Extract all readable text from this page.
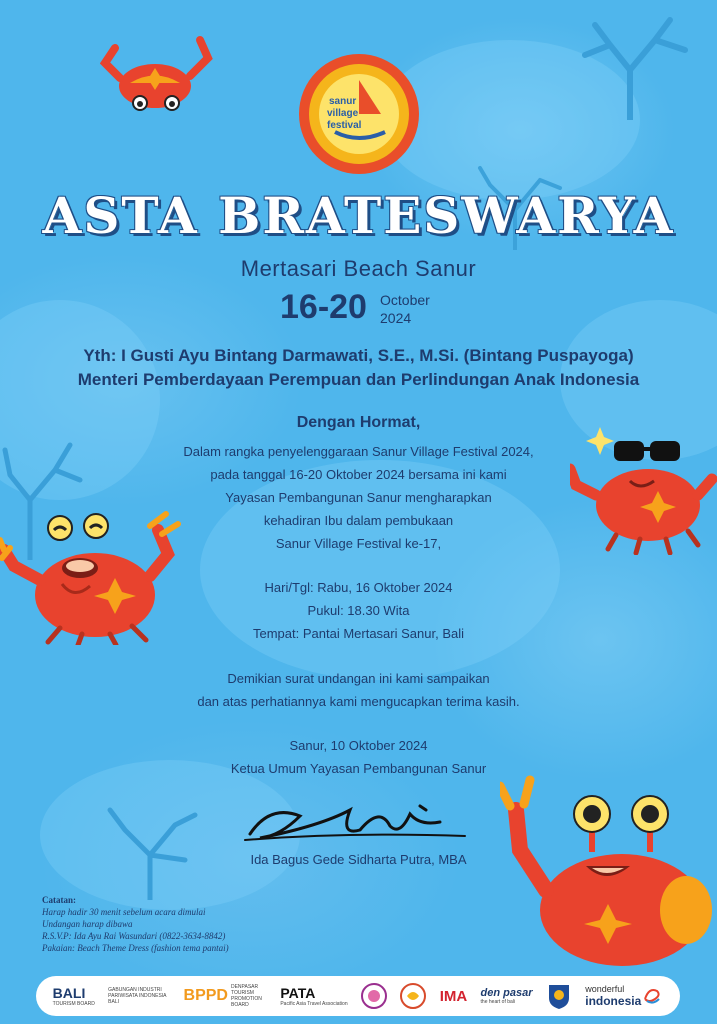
sanur
village
festival
ASTA BRATESWARYA
Mertasari Beach Sanur
16-20 October
2024
Yth: I Gusti Ayu Bintang Darmawati, S.E., M.Si. (Bintang Puspayoga)
Menteri Pemberdayaan Perempuan dan Perlindungan Anak Indonesia
Dengan Hormat,
Dalam rangka penyelenggaraan Sanur Village Festival 2024,
pada tanggal 16-20 Oktober 2024 bersama ini kami
Yayasan Pembangunan Sanur mengharapkan
kehadiran Ibu dalam pembukaan
Sanur Village Festival ke-17,
Hari/Tgl: Rabu, 16 Oktober 2024
Pukul: 18.30 Wita
Tempat: Pantai Mertasari Sanur, Bali
Demikian surat undangan ini kami sampaikan
dan atas perhatiannya kami mengucapkan terima kasih.
Sanur, 10 Oktober 2024
Ketua Umum Yayasan Pembangunan Sanur
Ida Bagus Gede Sidharta Putra, MBA
Catatan:
Harap hadir 30 menit sebelum acara dimulai
Undangan harap dibawa
R.S.V.P: Ida Ayu Rai Wasundari (0822-3634-8842)
Pakaian: Beach Theme Dress (fashion tema pantai)
BALI
TOURISM BOARD
GABUNGAN INDUSTRI PARIWISATA INDONESIA BALI	BPPD DENPASAR TOURISM PROMOTION BOARD
PATA
Pacific Asia Travel Association	IMA den pasar
the heart of bali
wonderful
indonesia
